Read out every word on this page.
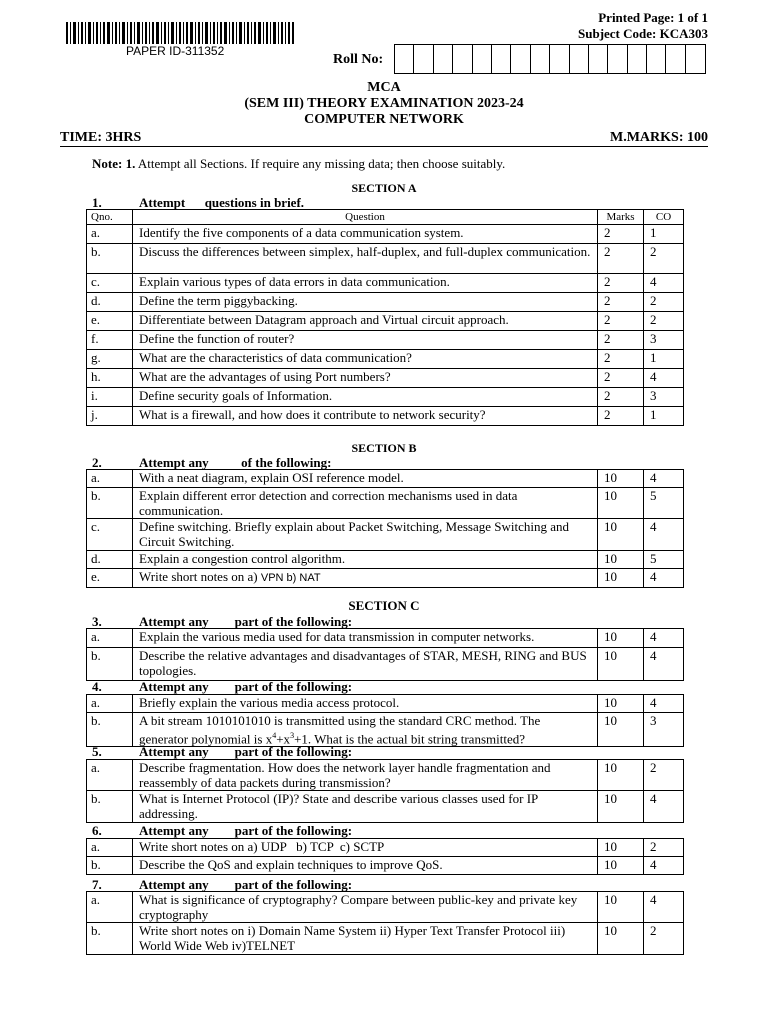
PAPER ID-311352
Printed Page: 1 of 1
Subject Code: KCA303
Roll No:
MCA
(SEM III) THEORY EXAMINATION 2023-24
COMPUTER NETWORK
TIME: 3HRS	M.MARKS: 100
Note: 1. Attempt all Sections. If require any missing data; then choose suitably.
SECTION A
1.	Attempt      questions in brief.
Qno.	Question	Marks	CO
a.	Identify the five components of a data communication system.	2	1
b.	Discuss the differences between simplex, half-duplex, and full-duplex communication.	2	2
c.	Explain various types of data errors in data communication.	2	4
d.	Define the term piggybacking.	2	2
e.	Differentiate between Datagram approach and Virtual circuit approach.	2	2
f.	Define the function of router?	2	3
g.	What are the characteristics of data communication?	2	1
h.	What are the advantages of using Port numbers?	2	4
i.	Define security goals of Information.	2	3
j.	What is a firewall, and how does it contribute to network security?	2	1
SECTION B
2.	Attempt any          of the following:
a.	With a neat diagram, explain OSI reference model.	10	4
b.	Explain different error detection and correction mechanisms used in data communication.	10	5
c.	Define switching. Briefly explain about Packet Switching, Message Switching and Circuit Switching.	10	4
d.	Explain a congestion control algorithm.	10	5
e.	Write short notes on a) VPN b) NAT	10	4
SECTION C
3.	Attempt any        part of the following:
a.	Explain the various media used for data transmission in computer networks.	10	4
b.	Describe the relative advantages and disadvantages of STAR, MESH, RING and BUS topologies.	10	4
4.	Attempt any        part of the following:
a.	Briefly explain the various media access protocol.	10	4
b.	A bit stream 1010101010 is transmitted using the standard CRC method. The generator polynomial is $x^4+x^3+1$. What is the actual bit string transmitted?	10	3
5.	Attempt any        part of the following:
a.	Describe fragmentation. How does the network layer handle fragmentation and reassembly of data packets during transmission?	10	2
b.	What is Internet Protocol (IP)? State and describe various classes used for IP addressing.	10	4
6.	Attempt any        part of the following:
a.	Write short notes on a) UDP   b) TCP  c) SCTP	10	2
b.	Describe the QoS and explain techniques to improve QoS.	10	4
7.	Attempt any        part of the following:
a.	What is significance of cryptography? Compare between public-key and private key cryptography	10	4
b.	Write short notes on i) Domain Name System ii) Hyper Text Transfer Protocol iii) World Wide Web iv)TELNET	10	2
